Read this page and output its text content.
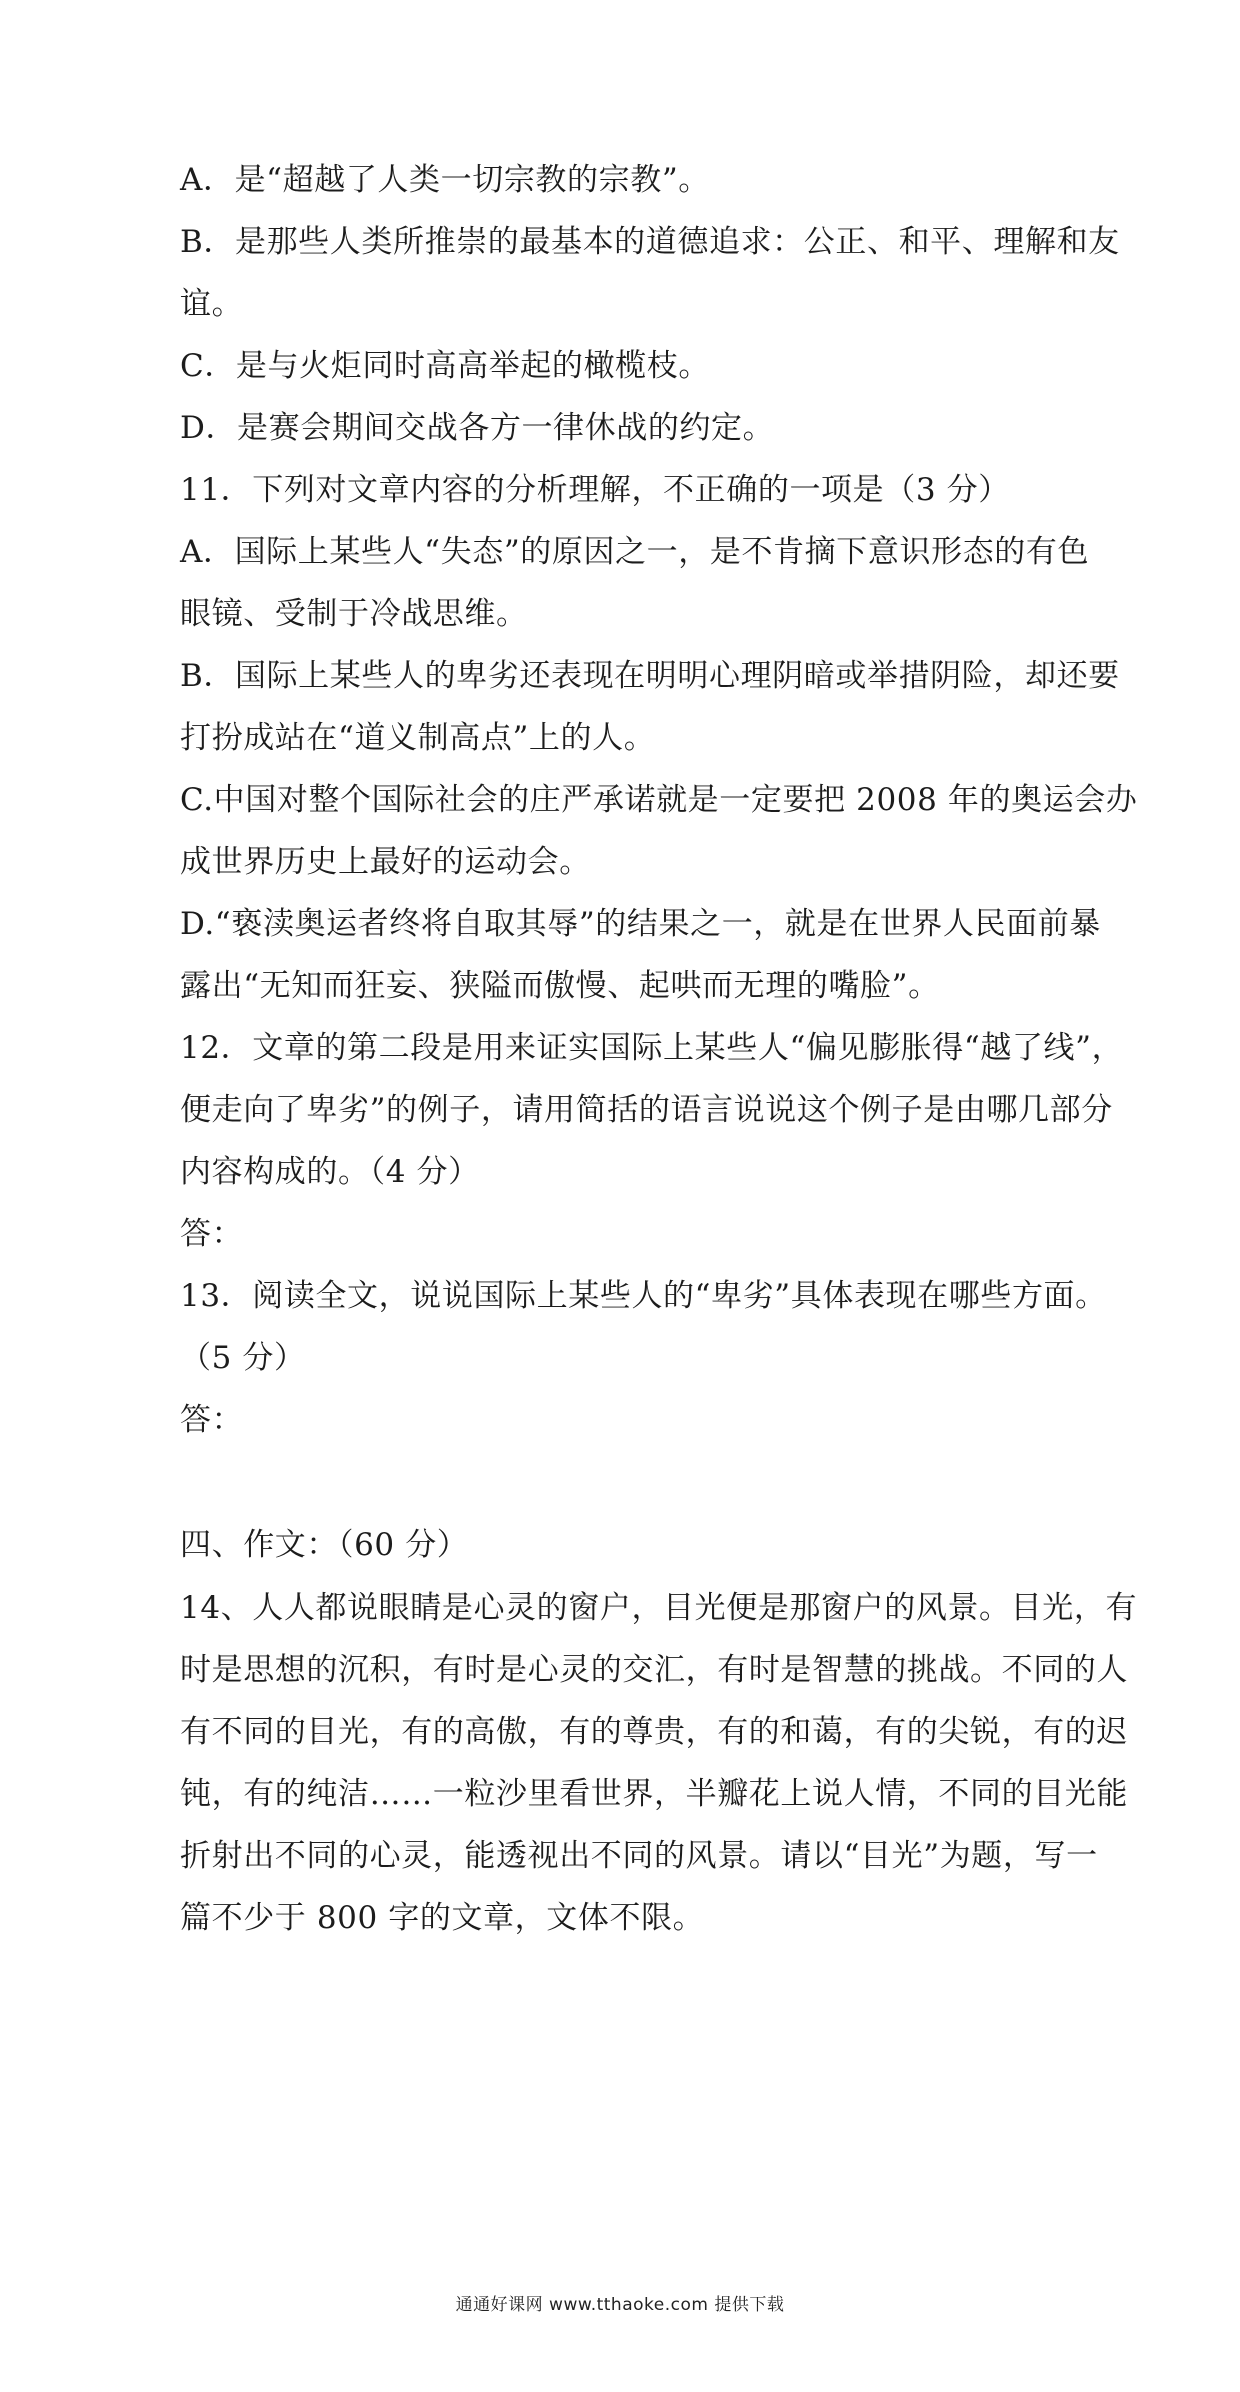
A．是“超越了人类一切宗教的宗教”。
B．是那些人类所推崇的最基本的道德追求：公正、和平、理解和友
谊。
C．是与火炬同时高高举起的橄榄枝。
D．是赛会期间交战各方一律休战的约定。
11．下列对文章内容的分析理解，不正确的一项是（3 分）
A．国际上某些人“失态”的原因之一，是不肯摘下意识形态的有色
眼镜、受制于冷战思维。
B．国际上某些人的卑劣还表现在明明心理阴暗或举措阴险，却还要
打扮成站在“道义制高点”上的人。
C.中国对整个国际社会的庄严承诺就是一定要把 2008 年的奥运会办
成世界历史上最好的运动会。
D.“亵渎奥运者终将自取其辱”的结果之一，就是在世界人民面前暴
露出“无知而狂妄、狭隘而傲慢、起哄而无理的嘴脸”。
12．文章的第二段是用来证实国际上某些人“偏见膨胀得“越了线”，
便走向了卑劣”的例子，请用简括的语言说说这个例子是由哪几部分
内容构成的。（4 分）
答：
13．阅读全文，说说国际上某些人的“卑劣”具体表现在哪些方面。
（5 分）
答：
四、作文：（60 分）
14、人人都说眼睛是心灵的窗户，目光便是那窗户的风景。目光，有
时是思想的沉积，有时是心灵的交汇，有时是智慧的挑战。不同的人
有不同的目光，有的高傲，有的尊贵，有的和蔼，有的尖锐，有的迟
钝，有的纯洁……一粒沙里看世界，半瓣花上说人情，不同的目光能
折射出不同的心灵，能透视出不同的风景。请以“目光”为题，写一
篇不少于 800 字的文章，文体不限。
通通好课网 www.tthaoke.com 提供下载
